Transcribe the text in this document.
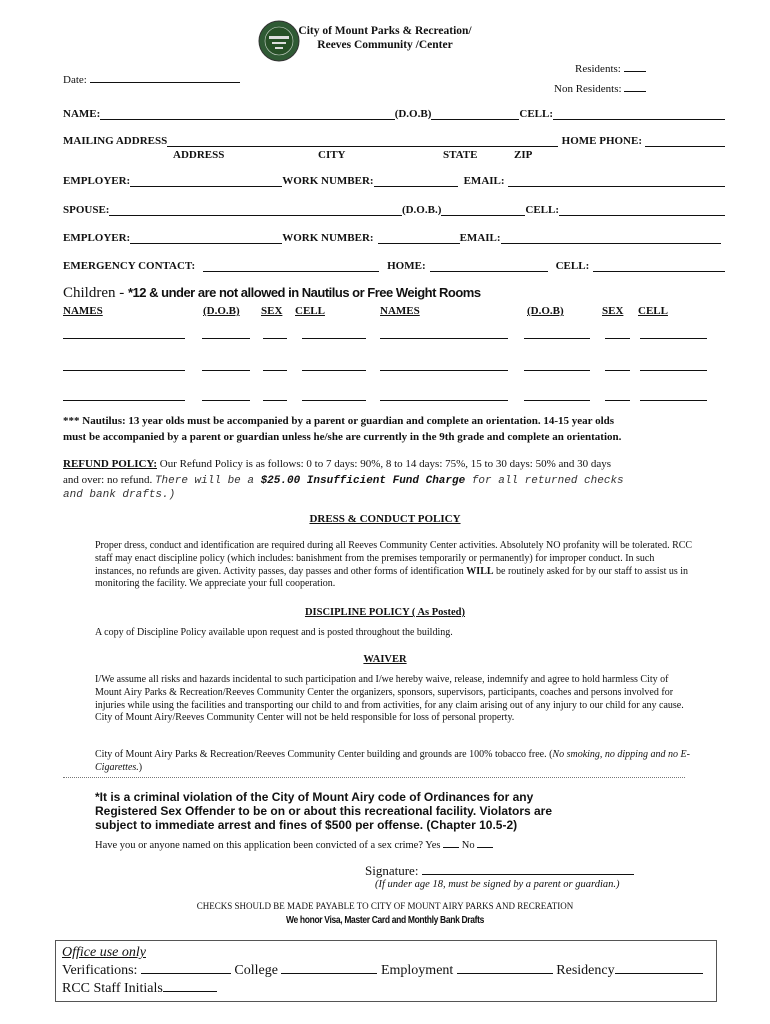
City of Mount Parks & Recreation/
Reeves Community /Center
Residents:
Date:
Non Residents:
NAME:	(D.O.B)	CELL:
MAILING ADDRESS	HOME PHONE:
ADDRESS	CITY	STATE	ZIP
EMPLOYER:	WORK NUMBER:	EMAIL:
SPOUSE:	(D.O.B.)	CELL:
EMPLOYER:	WORK NUMBER:	EMAIL:
EMERGENCY CONTACT:	HOME:	CELL:
Children - *12 & under are not allowed in Nautilus or Free Weight Rooms
NAMES	(D.O.B) SEX CELL	NAMES	(D.O.B)	SEX CELL
*** Nautilus: 13 year olds must be accompanied by a parent or guardian and complete an orientation. 14-15 year olds
must be accompanied by a parent or guardian unless he/she are currently in the 9th grade and complete an orientation.
REFUND POLICY: Our Refund Policy is as follows: 0 to 7 days: 90%, 8 to 14 days: 75%, 15 to 30 days: 50% and 30 days
and over: no refund. There will be a $25.00 Insufficient Fund Charge for all returned checks
and bank drafts.)
DRESS & CONDUCT POLICY
Proper dress, conduct and identification are required during all Reeves Community Center activities. Absolutely NO profanity will be tolerated. RCC staff may enact discipline policy (which includes: banishment from the premises temporarily or permanently) for improper conduct. In such instances, no refunds are given. Activity passes, day passes and other forms of identification WILL be routinely asked for by our staff to assist us in monitoring the facility. We appreciate your full cooperation.
DISCIPLINE POLICY ( As Posted)
A copy of Discipline Policy available upon request and is posted throughout the building.
WAIVER
I/We assume all risks and hazards incidental to such participation and I/we hereby waive, release, indemnify and agree to hold harmless City of Mount Airy Parks & Recreation/Reeves Community Center the organizers, sponsors, supervisors, participants, coaches and persons involved for injuries while using the facilities and transporting our child to and from activities, for any claim arising out of any injury to our child for any cause. City of Mount Airy/Reeves Community Center will not be held responsible for loss of personal property.
City of Mount Airy Parks & Recreation/Reeves Community Center building and grounds are 100% tobacco free. (No smoking, no dipping and no E-Cigarettes.)
*It is a criminal violation of the City of Mount Airy code of Ordinances for any
Registered Sex Offender to be on or about this recreational facility. Violators are
subject to immediate arrest and fines of $500 per offense. (Chapter 10.5-2)
Have you or anyone named on this application been convicted of a sex crime? Yes No
Signature:
(If under age 18, must be signed by a parent or guardian.)
CHECKS SHOULD BE MADE PAYABLE TO CITY OF MOUNT AIRY PARKS AND RECREATION
We honor Visa, Master Card and Monthly Bank Drafts
Office use only
Verifications:	College	Employment	Residency
RCC Staff Initials
